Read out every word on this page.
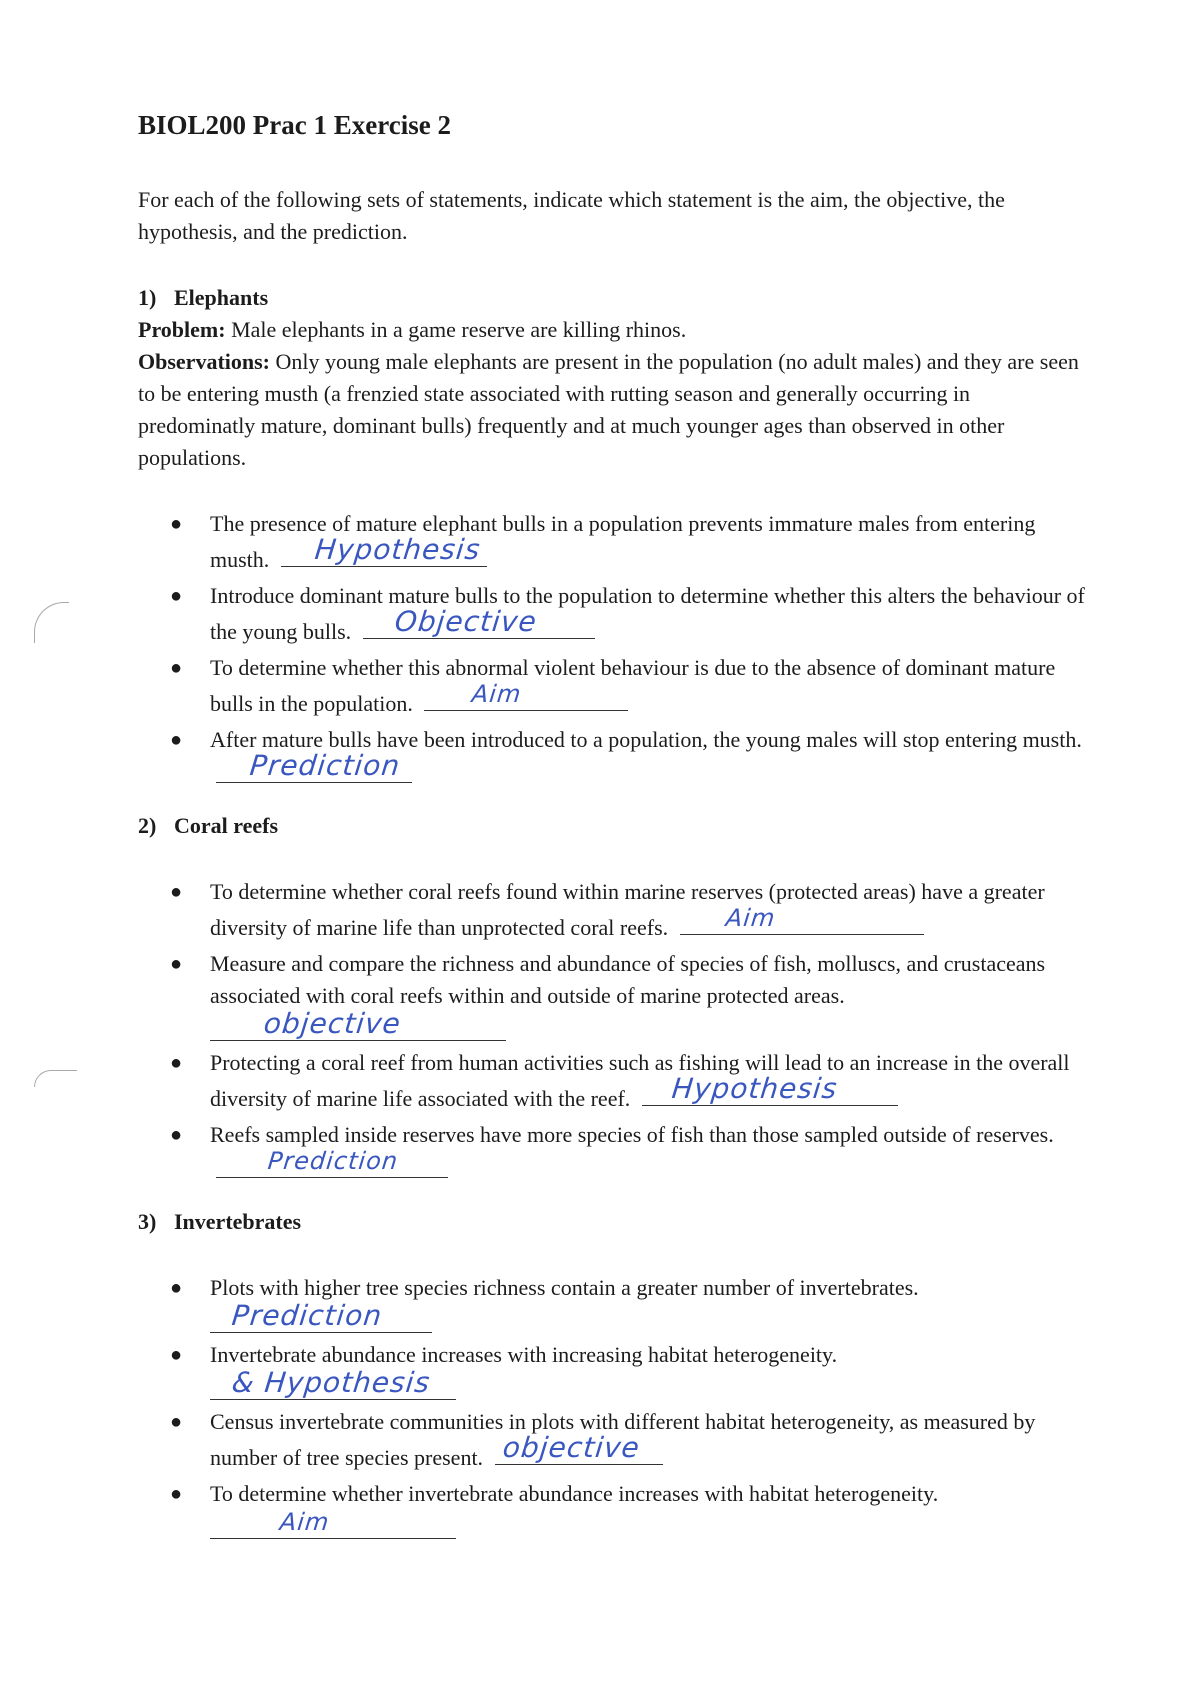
BIOL200 Prac 1 Exercise 2

For each of the following sets of statements, indicate which statement is the aim, the objective, the hypothesis, and the prediction.

1) Elephants

Problem: Male elephants in a game reserve are killing rhinos.

Observations: Only young male elephants are present in the population (no adult males) and they are seen to be entering musth (a frenzied state associated with rutting season and generally occurring in predominatly mature, dominant bulls) frequently and at much younger ages than observed in other populations.

● The presence of mature elephant bulls in a population prevents immature males from entering musth. Hypothesis
● Introduce dominant mature bulls to the population to determine whether this alters the behaviour of the young bulls. Objective
● To determine whether this abnormal violent behaviour is due to the absence of dominant mature bulls in the population. Aim
● After mature bulls have been introduced to a population, the young males will stop entering musth.
Prediction

2) Coral reefs

● To determine whether coral reefs found within marine reserves (protected areas) have a greater diversity of marine life than unprotected coral reefs. Aim
● Measure and compare the richness and abundance of species of fish, molluscs, and crustaceans associated with coral reefs within and outside of marine protected areas.
objective
● Protecting a coral reef from human activities such as fishing will lead to an increase in the overall diversity of marine life associated with the reef. Hypothesis
● Reefs sampled inside reserves have more species of fish than those sampled outside of reserves.
Prediction

3) Invertebrates

● Plots with higher tree species richness contain a greater number of invertebrates.
Prediction
● Invertebrate abundance increases with increasing habitat heterogeneity.
& Hypothesis
● Census invertebrate communities in plots with different habitat heterogeneity, as measured by number of tree species present. objective
● To determine whether invertebrate abundance increases with habitat heterogeneity.
Aim
